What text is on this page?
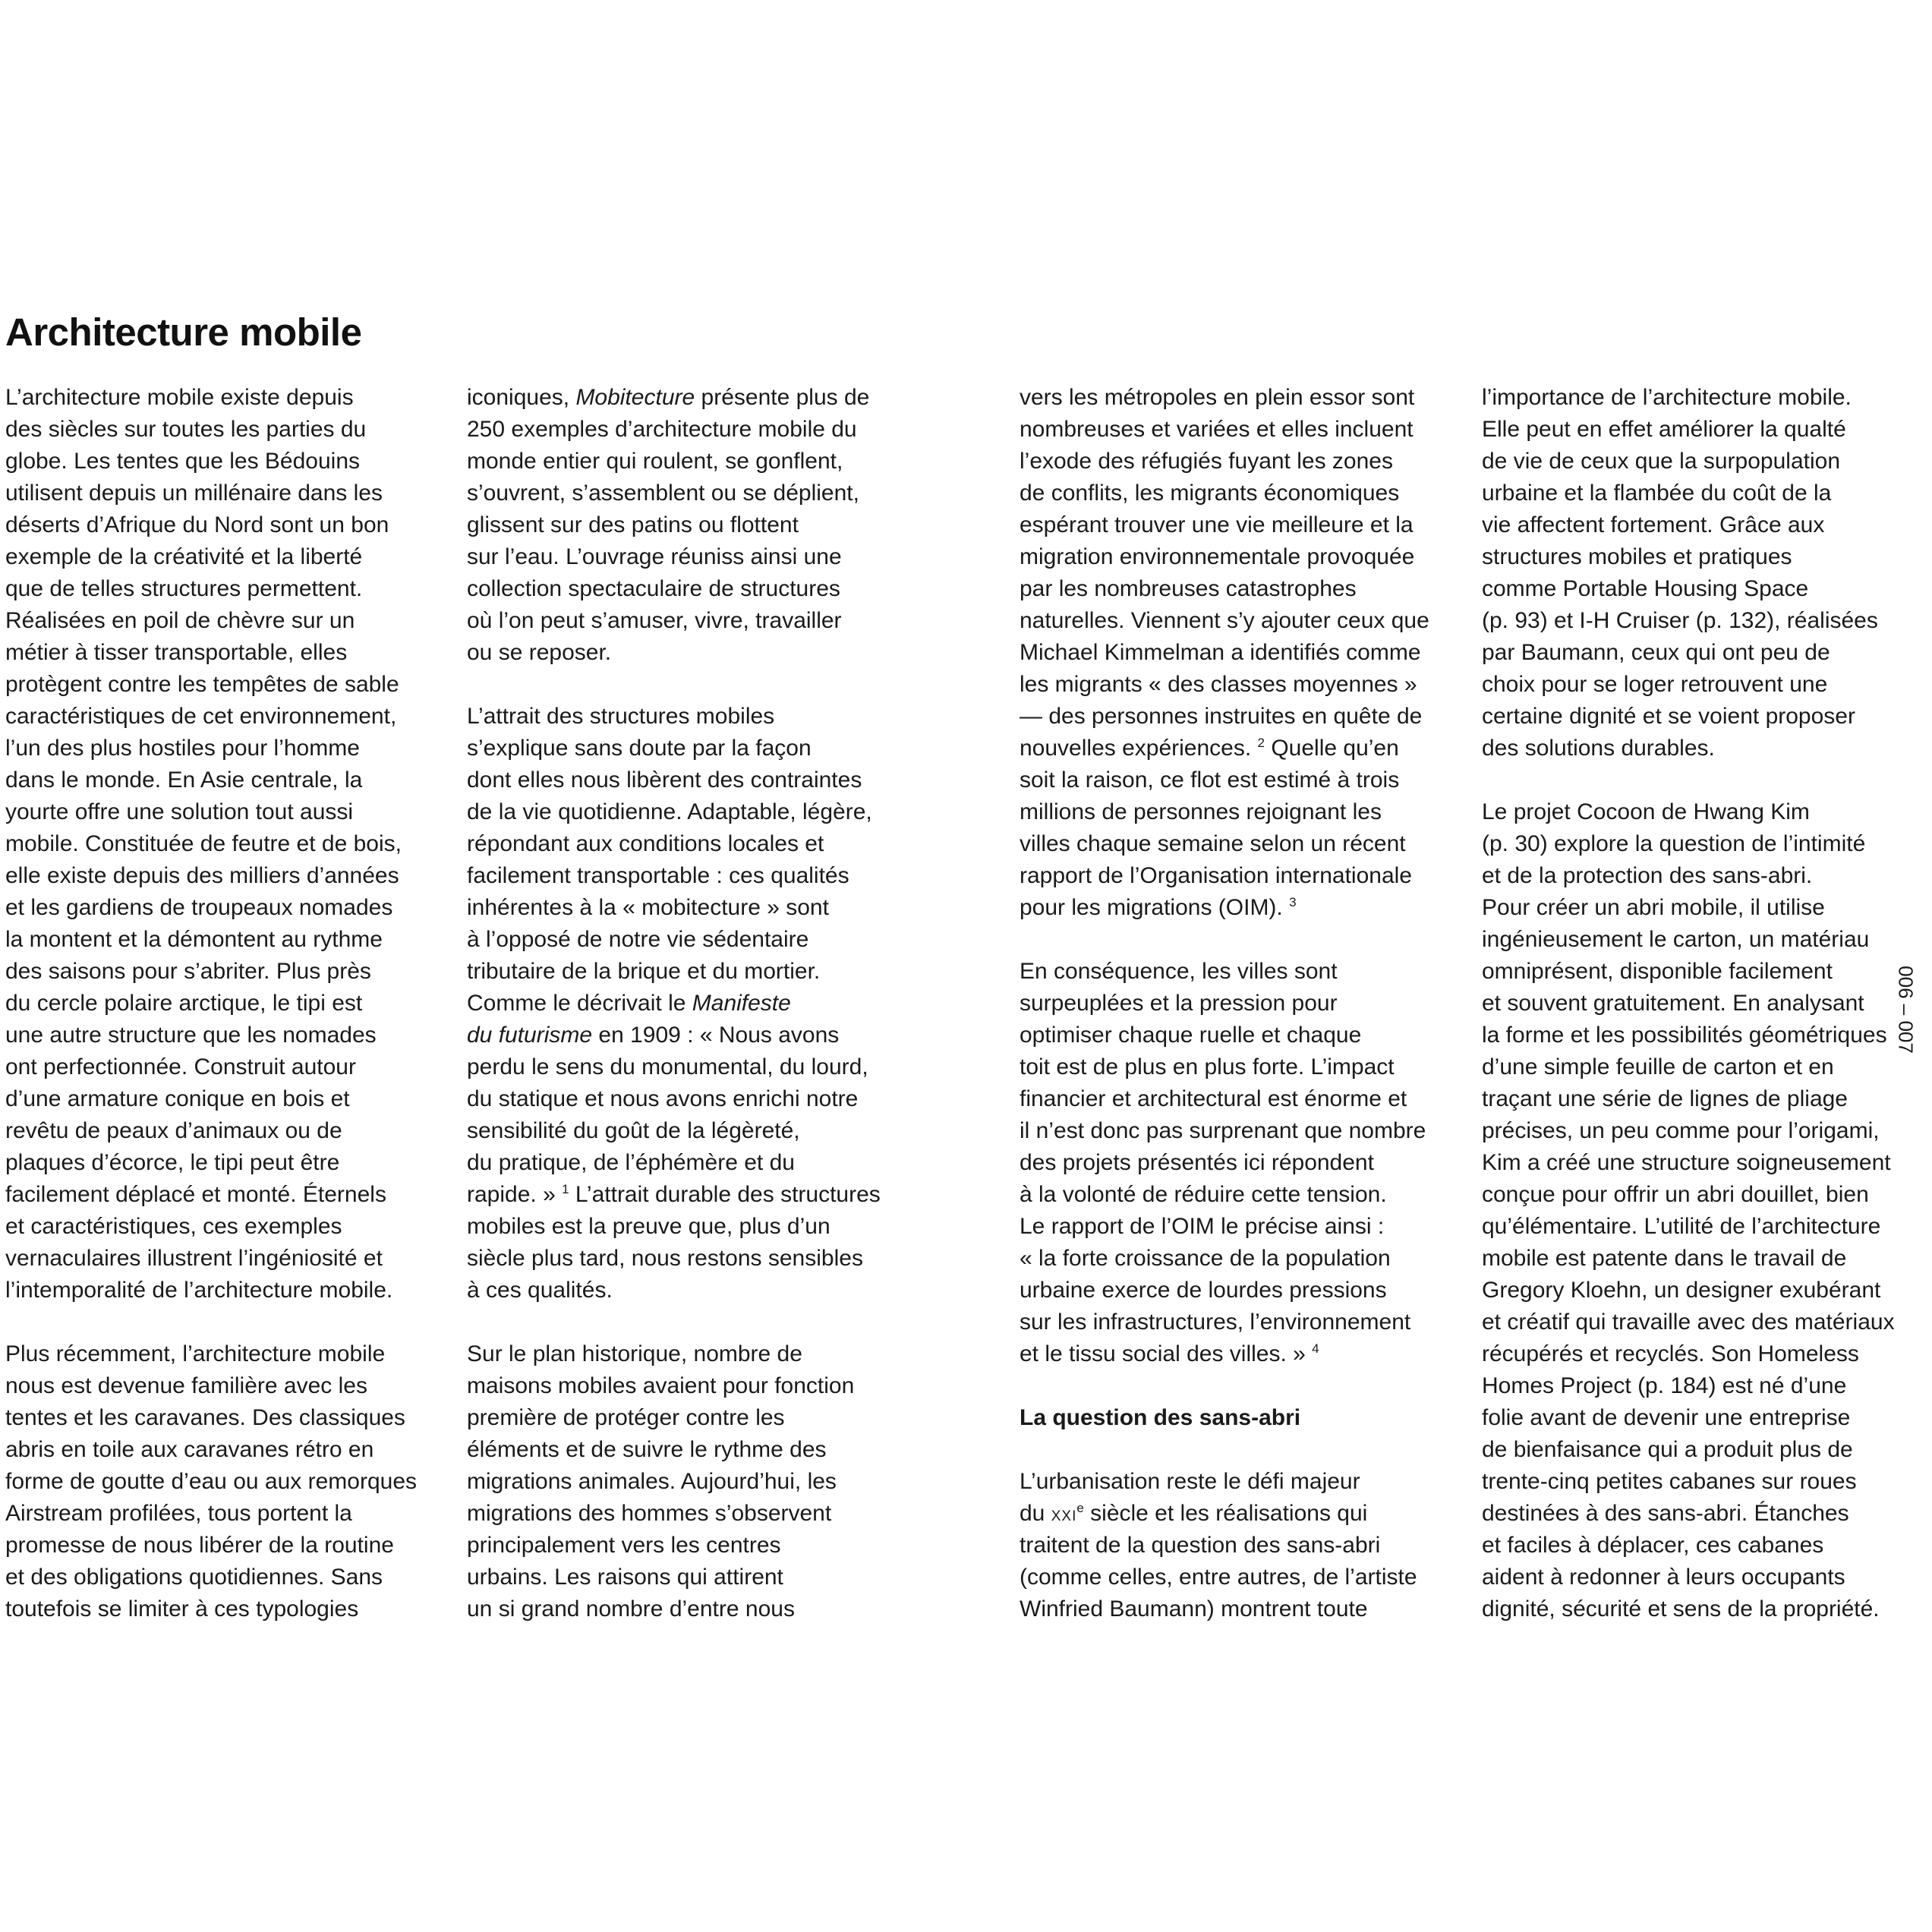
Architecture mobile
L’architecture mobile existe depuis
des siècles sur toutes les parties du
globe. Les tentes que les Bédouins
utilisent depuis un millénaire dans les
déserts d’Afrique du Nord sont un bon
exemple de la créativité et la liberté
que de telles structures permettent.
Réalisées en poil de chèvre sur un
métier à tisser transportable, elles
protègent contre les tempêtes de sable
caractéristiques de cet environnement,
l’un des plus hostiles pour l’homme
dans le monde. En Asie centrale, la
yourte offre une solution tout aussi
mobile. Constituée de feutre et de bois,
elle existe depuis des milliers d’années
et les gardiens de troupeaux nomades
la montent et la démontent au rythme
des saisons pour s’abriter. Plus près
du cercle polaire arctique, le tipi est
une autre structure que les nomades
ont perfectionnée. Construit autour
d’une armature conique en bois et
revêtu de peaux d’animaux ou de
plaques d’écorce, le tipi peut être
facilement déplacé et monté. Éternels
et caractéristiques, ces exemples
vernaculaires illustrent l’ingéniosité et
l’intemporalité de l’architecture mobile.
Plus récemment, l’architecture mobile
nous est devenue familière avec les
tentes et les caravanes. Des classiques
abris en toile aux caravanes rétro en
forme de goutte d’eau ou aux remorques
Airstream profilées, tous portent la
promesse de nous libérer de la routine
et des obligations quotidiennes. Sans
toutefois se limiter à ces typologies
iconiques, Mobitecture présente plus de
250 exemples d’architecture mobile du
monde entier qui roulent, se gonflent,
s’ouvrent, s’assemblent ou se déplient,
glissent sur des patins ou flottent
sur l’eau. L’ouvrage réuniss ainsi une
collection spectaculaire de structures
où l’on peut s’amuser, vivre, travailler
ou se reposer.
L’attrait des structures mobiles
s’explique sans doute par la façon
dont elles nous libèrent des contraintes
de la vie quotidienne. Adaptable, légère,
répondant aux conditions locales et
facilement transportable : ces qualités
inhérentes à la « mobitecture » sont
à l’opposé de notre vie sédentaire
tributaire de la brique et du mortier.
Comme le décrivait le Manifeste
du futurisme en 1909 : « Nous avons
perdu le sens du monumental, du lourd,
du statique et nous avons enrichi notre
sensibilité du goût de la légèreté,
du pratique, de l’éphémère et du
rapide. » $^1$ L’attrait durable des structures
mobiles est la preuve que, plus d’un
siècle plus tard, nous restons sensibles
à ces qualités.
Sur le plan historique, nombre de
maisons mobiles avaient pour fonction
première de protéger contre les
éléments et de suivre le rythme des
migrations animales. Aujourd’hui, les
migrations des hommes s’observent
principalement vers les centres
urbains. Les raisons qui attirent
un si grand nombre d’entre nous
vers les métropoles en plein essor sont
nombreuses et variées et elles incluent
l’exode des réfugiés fuyant les zones
de conflits, les migrants économiques
espérant trouver une vie meilleure et la
migration environnementale provoquée
par les nombreuses catastrophes
naturelles. Viennent s’y ajouter ceux que
Michael Kimmelman a identifiés comme
les migrants « des classes moyennes »
— des personnes instruites en quête de
nouvelles expériences. $^2$ Quelle qu’en
soit la raison, ce flot est estimé à trois
millions de personnes rejoignant les
villes chaque semaine selon un récent
rapport de l’Organisation internationale
pour les migrations (OIM). $^3$
En conséquence, les villes sont
surpeuplées et la pression pour
optimiser chaque ruelle et chaque
toit est de plus en plus forte. L’impact
financier et architectural est énorme et
il n’est donc pas surprenant que nombre
des projets présentés ici répondent
à la volonté de réduire cette tension.
Le rapport de l’OIM le précise ainsi :
« la forte croissance de la population
urbaine exerce de lourdes pressions
sur les infrastructures, l’environnement
et le tissu social des villes. » $^4$
La question des sans-abri
L’urbanisation reste le défi majeur
du XXIe siècle et les réalisations qui
traitent de la question des sans-abri
(comme celles, entre autres, de l’artiste
Winfried Baumann) montrent toute
l’importance de l’architecture mobile.
Elle peut en effet améliorer la qualté
de vie de ceux que la surpopulation
urbaine et la flambée du coût de la
vie affectent fortement. Grâce aux
structures mobiles et pratiques
comme Portable Housing Space
(p. 93) et I-H Cruiser (p. 132), réalisées
par Baumann, ceux qui ont peu de
choix pour se loger retrouvent une
certaine dignité et se voient proposer
des solutions durables.
Le projet Cocoon de Hwang Kim
(p. 30) explore la question de l’intimité
et de la protection des sans-abri.
Pour créer un abri mobile, il utilise
ingénieusement le carton, un matériau
omniprésent, disponible facilement
et souvent gratuitement. En analysant
la forme et les possibilités géométriques
d’une simple feuille de carton et en
traçant une série de lignes de pliage
précises, un peu comme pour l’origami,
Kim a créé une structure soigneusement
conçue pour offrir un abri douillet, bien
qu’élémentaire. L’utilité de l’architecture
mobile est patente dans le travail de
Gregory Kloehn, un designer exubérant
et créatif qui travaille avec des matériaux
récupérés et recyclés. Son Homeless
Homes Project (p. 184) est né d’une
folie avant de devenir une entreprise
de bienfaisance qui a produit plus de
trente-cinq petites cabanes sur roues
destinées à des sans-abri. Étanches
et faciles à déplacer, ces cabanes
aident à redonner à leurs occupants
dignité, sécurité et sens de la propriété.
006 – 007
